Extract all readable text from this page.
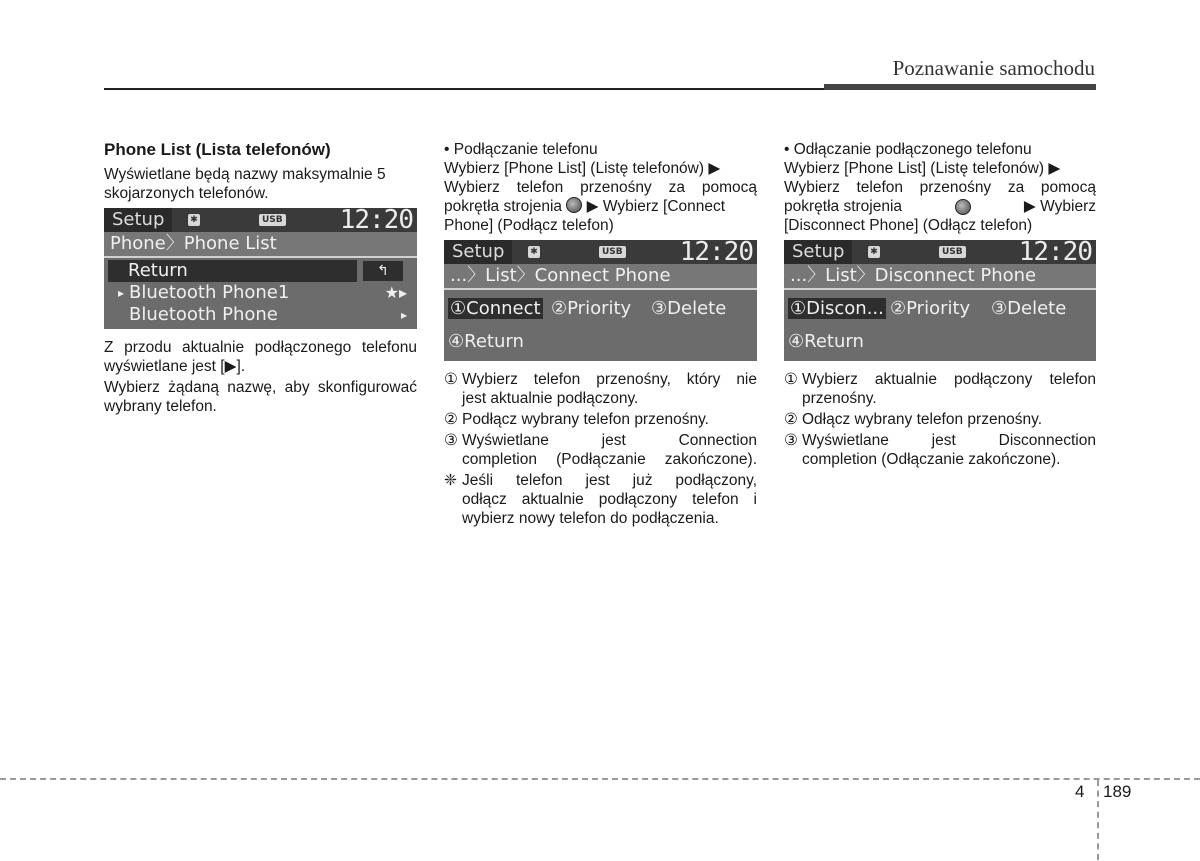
Poznawanie samochodu

Phone List (Lista telefonów)

Wyświetlane będą nazwy maksymalnie 5 skojarzonych telefonów.

Setup	✱	USB 12:20
Phone〉Phone List
Return	↰
▸ Bluetooth Phone1	★▸
Bluetooth Phone	▸

Z przodu aktualnie podłączonego telefonu wyświetlane jest [▶].

Wybierz żądaną nazwę, aby skonfigurować wybrany telefon.

• Podłączanie telefonu

Wybierz [Phone List] (Listę telefonów) ▶

Wybierz telefon przenośny za pomocą

pokrętła strojenia ▶ Wybierz [Connect

Phone] (Podłącz telefon)

Setup	✱	USB 12:20
...〉List〉Connect Phone
①Connect ②Priority ③Delete
④Return
① Wybierz telefon przenośny, który nie

jest aktualnie podłączony.

② Podłącz wybrany telefon przenośny.

③ Wyświetlane jest Connection

completion (Podłączanie zakończone).

❈ Jeśli telefon jest już podłączony,

odłącz aktualnie podłączony telefon i

wybierz nowy telefon do podłączenia.

• Odłączanie podłączonego telefonu

Wybierz [Phone List] (Listę telefonów) ▶

Wybierz telefon przenośny za pomocą

pokrętła strojenia	▶ Wybierz

[Disconnect Phone] (Odłącz telefon)

Setup	✱	USB 12:20
...〉List〉Disconnect Phone
①Discon... ②Priority ③Delete
④Return
① Wybierz aktualnie podłączony telefon

przenośny.

② Odłącz wybrany telefon przenośny.

③ Wyświetlane jest Disconnection

completion (Odłączanie zakończone).

4 189
